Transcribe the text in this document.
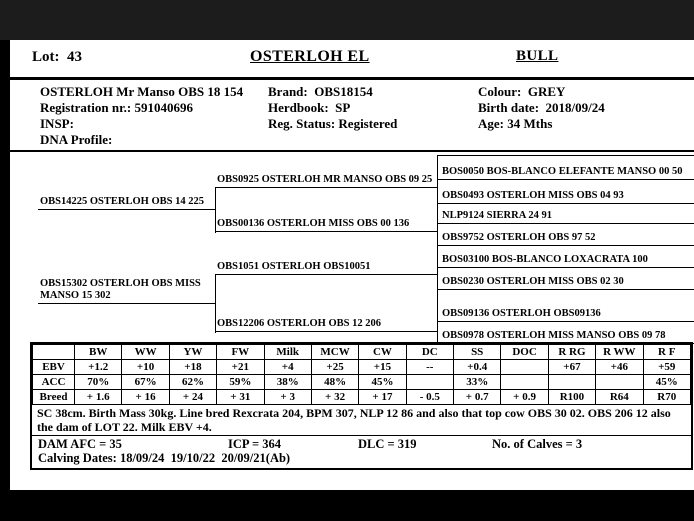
Lot:  43	OSTERLOH EL	BULL
OSTERLOH Mr Manso OBS 18 154 Brand:  OBS18154	Colour:  GREY
Registration nr.: 591040696	Herdbook:  SP	Birth date:  2018/09/24
INSP:	Reg. Status: Registered	Age: 34 Mths
DNA Profile:
OBS14225 OSTERLOH OBS 14 225
OBS15302 OSTERLOH OBS MISS MANSO 15 302
OBS0925 OSTERLOH MR MANSO OBS 09 25
OBS00136 OSTERLOH MISS OBS 00 136
OBS1051 OSTERLOH OBS10051
OBS12206 OSTERLOH OBS 12 206
BOS0050 BOS-BLANCO ELEFANTE MANSO 00 50
OBS0493 OSTERLOH MISS OBS 04 93
NLP9124 SIERRA 24 91
OBS9752 OSTERLOH OBS 97 52
BOS03100 BOS-BLANCO LOXACRATA 100
OBS0230 OSTERLOH MISS OBS 02 30
OBS09136 OSTERLOH OBS09136
OBS0978 OSTERLOH MISS MANSO OBS 09 78
	BW	WW	YW	FW	Milk	MCW	CW	DC	SS	DOC	R RG	R WW	R F
EBV	+1.2	+10	+18	+21	+4	+25	+15	--	+0.4		+67	+46	+59
ACC	70%	67%	62%	59%	38%	48%	45%		33%				45%
Breed	+ 1.6	+ 16	+ 24	+ 31	+ 3	+ 32	+ 17	- 0.5	+ 0.7	+ 0.9	R100	R64	R70
SC 38cm. Birth Mass 30kg. Line bred Rexcrata 204, BPM 307, NLP 12 86 and also that top cow OBS 30 02. OBS 206 12 also the dam of LOT 22. Milk EBV +4.
DAM AFC = 35	ICP = 364	DLC = 319	No. of Calves = 3
Calving Dates: 18/09/24  19/10/22  20/09/21(Ab)
